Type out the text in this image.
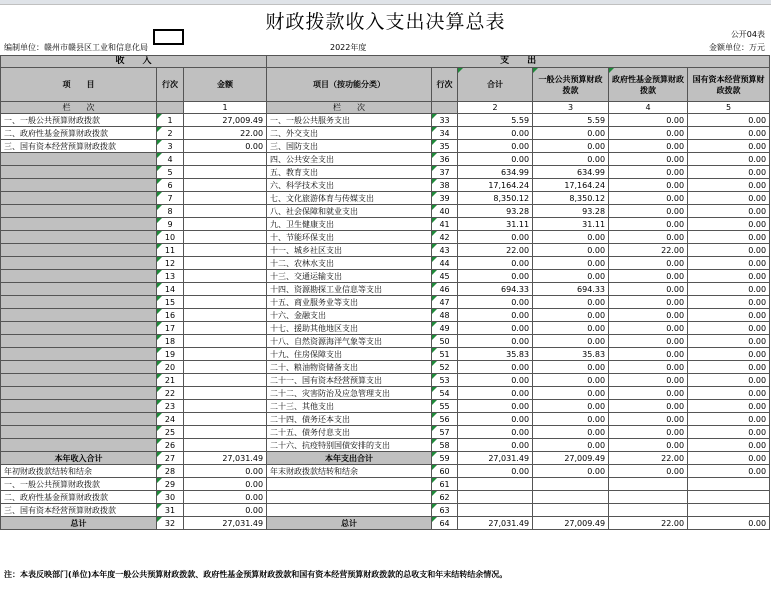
财政拨款收入支出决算总表
公开04表
编制单位：赣州市赣县区工业和信息化局	2022年度	金额单位：万元
收　　入			支　　出					
项　　目	行次	金额	项目（按功能分类）	行次	合计	一般公共预算财政拨款	政府性基金预算财政拨款	国有资本经营预算财政拨款
栏　　次		1	栏　　次		2	3	4	5
一、一般公共预算财政拨款	1	27,009.49	一、一般公共服务支出	33	5.59	5.59	0.00	0.00
二、政府性基金预算财政拨款	2	22.00	二、外交支出	34	0.00	0.00	0.00	0.00
三、国有资本经营预算财政拨款	3	0.00	三、国防支出	35	0.00	0.00	0.00	0.00
	4		四、公共安全支出	36	0.00	0.00	0.00	0.00
	5		五、教育支出	37	634.99	634.99	0.00	0.00
	6		六、科学技术支出	38	17,164.24	17,164.24	0.00	0.00
	7		七、文化旅游体育与传媒支出	39	8,350.12	8,350.12	0.00	0.00
	8		八、社会保障和就业支出	40	93.28	93.28	0.00	0.00
	9		九、卫生健康支出	41	31.11	31.11	0.00	0.00
	10		十、节能环保支出	42	0.00	0.00	0.00	0.00
	11		十一、城乡社区支出	43	22.00	0.00	22.00	0.00
	12		十二、农林水支出	44	0.00	0.00	0.00	0.00
	13		十三、交通运输支出	45	0.00	0.00	0.00	0.00
	14		十四、资源勘探工业信息等支出	46	694.33	694.33	0.00	0.00
	15		十五、商业服务业等支出	47	0.00	0.00	0.00	0.00
	16		十六、金融支出	48	0.00	0.00	0.00	0.00
	17		十七、援助其他地区支出	49	0.00	0.00	0.00	0.00
	18		十八、自然资源海洋气象等支出	50	0.00	0.00	0.00	0.00
	19		十九、住房保障支出	51	35.83	35.83	0.00	0.00
	20		二十、粮油物资储备支出	52	0.00	0.00	0.00	0.00
	21		二十一、国有资本经营预算支出	53	0.00	0.00	0.00	0.00
	22		二十二、灾害防治及应急管理支出	54	0.00	0.00	0.00	0.00
	23		二十三、其他支出	55	0.00	0.00	0.00	0.00
	24		二十四、债务还本支出	56	0.00	0.00	0.00	0.00
	25		二十五、债务付息支出	57	0.00	0.00	0.00	0.00
	26		二十六、抗疫特别国债安排的支出	58	0.00	0.00	0.00	0.00
本年收入合计	27	27,031.49	本年支出合计	59	27,031.49	27,009.49	22.00	0.00
年初财政拨款结转和结余	28	0.00	年末财政拨款结转和结余	60	0.00	0.00	0.00	0.00
一、一般公共预算财政拨款	29	0.00		61				
二、政府性基金预算财政拨款	30	0.00		62				
三、国有资本经营预算财政拨款	31	0.00		63				
总计	32	27,031.49	总计	64	27,031.49	27,009.49	22.00	0.00
注：本表反映部门(单位)本年度一般公共预算财政拨款、政府性基金预算财政拨款和国有资本经营预算财政拨款的总收支和年末结转结余情况。
